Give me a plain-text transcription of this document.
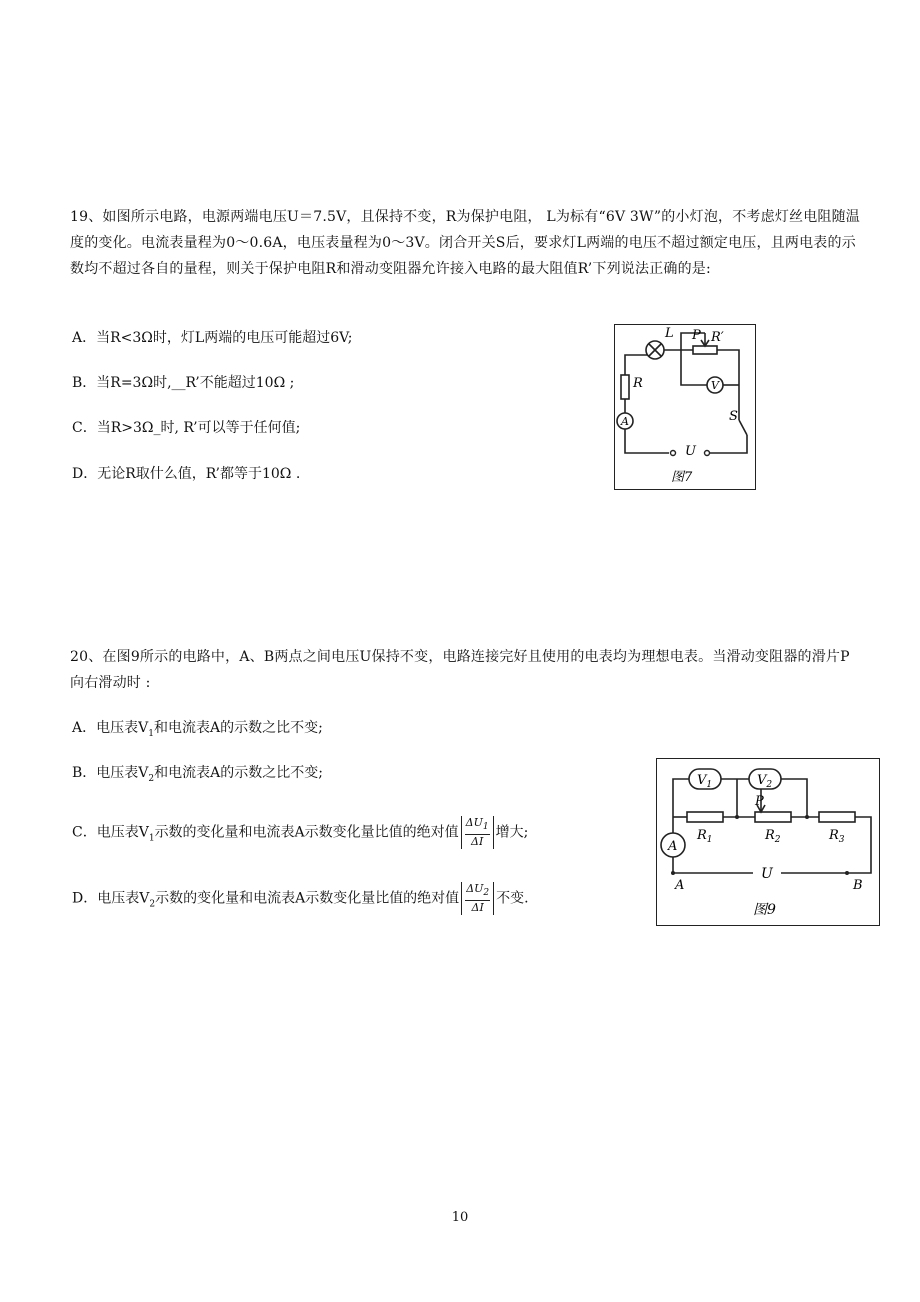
19、如图所示电路，电源两端电压U＝7.5V，且保持不变，R为保护电阻， L为标有“6V 3W”的小灯泡，不考虑灯丝电阻随温度的变化。电流表量程为0～0.6A，电压表量程为0～3V。闭合开关S后，要求灯L两端的电压不超过额定电压，且两电表的示数均不超过各自的量程，则关于保护电阻R和滑动变阻器允许接入电路的最大阻值R’下列说法正确的是:
A．当R<3Ω时，灯L两端的电压可能超过6V;
B．当R=3Ω时,__R’不能超过10Ω ;
C．当R>3Ω_时, R’可以等于任何值;
D．无论R取什么值，R’都等于10Ω .
L P R′
V
R
A	S
U
图7
20、在图9所示的电路中，A、B两点之间电压U保持不变，电路连接完好且使用的电表均为理想电表。当滑动变阻器的滑片P向右滑动时 :
A．电压表$V_1$和电流表A的示数之比不变;
B．电压表$V_2$和电流表A的示数之比不变;
C．电压表$V_1$示数的变化量和电流表A示数变化量比值的绝对值 $\frac{\Delta U_1}{\Delta I}$ 增大;
D．电压表$V_2$示数的变化量和电流表A示数变化量比值的绝对值 $\frac{\Delta U_2}{\Delta I}$ 不变.
$V_1$	$V_2$
P
$R_1$	$R_2$	$R_3$
A
A
U
B
图9
10
